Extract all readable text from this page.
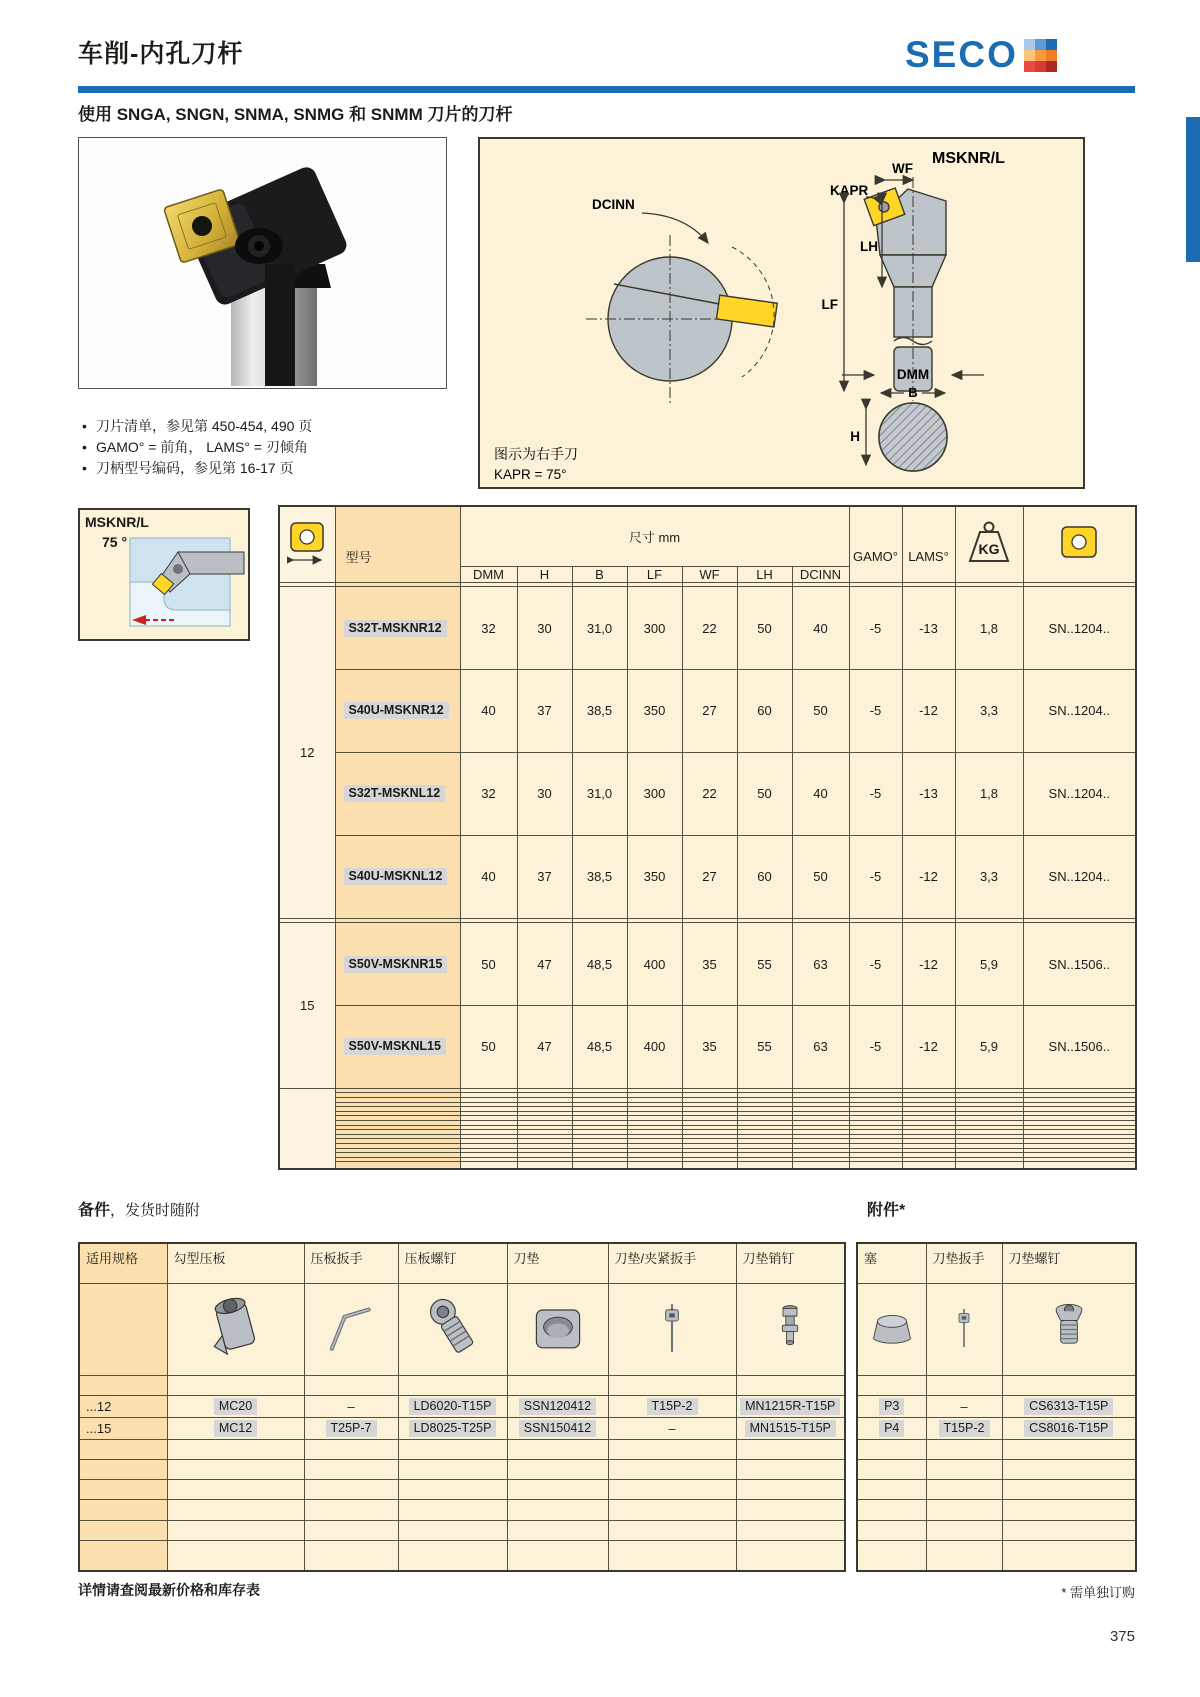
车削-内孔刀杆	SECO
使用 SNGA, SNGN, SNMA, SNMG 和 SNMM 刀片的刀杆
• 刀片清单，参见第 450-454, 490 页
• GAMO° = 前角， LAMS° = 刃倾角
• 刀柄型号编码，参见第 16-17 页
DCINN
MSKNR/L
WF
KAPR
LH
LF
DMM
B
H
图示为右手刀
KAPR = 75°
MSKNR/L
75 °
	型号	尺寸 mm							GAMO°	LAMS°	KG

		DMM	H	B	LF	WF	LH	DCINN				

12	S32T-MSKNR12	32	30	31,0	300	22	50	40	-5	-13	1,8	SN..1204..
	S40U-MSKNR12	40	37	38,5	350	27	60	50	-5	-12	3,3	SN..1204..
	S32T-MSKNL12	32	30	31,0	300	22	50	40	-5	-13	1,8	SN..1204..
	S40U-MSKNL12	40	37	38,5	350	27	60	50	-5	-12	3,3	SN..1204..

15	S50V-MSKNR15	50	47	48,5	400	35	55	63	-5	-12	5,9	SN..1506..
	S50V-MSKNL15	50	47	48,5	400	35	55	63	-5	-12	5,9	SN..1506..

备件，发货时随附	附件*
适用规格	勾型压板	压板扳手	压板螺钉	刀垫	刀垫/夹紧扳手	刀垫销钉

...12	MC20	–	LD6020-T15P	SSN120412	T15P-2	MN1215R-T15P
...15	MC12	T25P-7	LD8025-T25P	SSN150412	–	MN1515-T15P

塞	刀垫扳手	刀垫螺钉

P3	–	CS6313-T15P
P4	T15P-2	CS8016-T15P

详情请查阅最新价格和库存表	* 需单独订购
375
